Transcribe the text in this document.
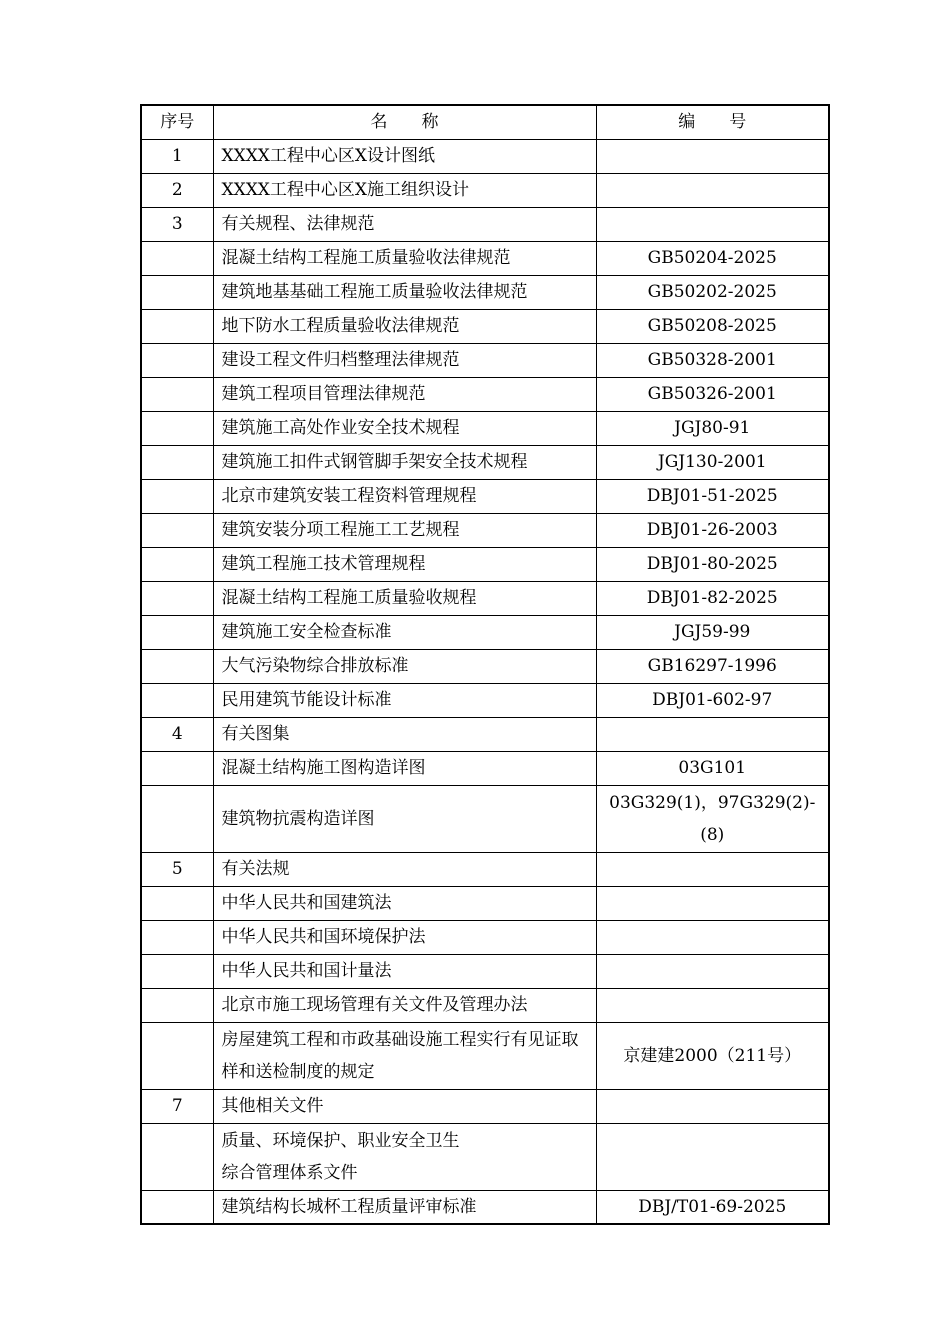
序号	名　　称	编　　号
1	XXXX工程中心区X设计图纸	
2	XXXX工程中心区X施工组织设计	
3	有关规程、法律规范	
	混凝土结构工程施工质量验收法律规范	GB50204-2025
	建筑地基基础工程施工质量验收法律规范	GB50202-2025
	地下防水工程质量验收法律规范	GB50208-2025
	建设工程文件归档整理法律规范	GB50328-2001
	建筑工程项目管理法律规范	GB50326-2001
	建筑施工高处作业安全技术规程	JGJ80-91
	建筑施工扣件式钢管脚手架安全技术规程	JGJ130-2001
	北京市建筑安装工程资料管理规程	DBJ01-51-2025
	建筑安装分项工程施工工艺规程	DBJ01-26-2003
	建筑工程施工技术管理规程	DBJ01-80-2025
	混凝土结构工程施工质量验收规程	DBJ01-82-2025
	建筑施工安全检查标准	JGJ59-99
	大气污染物综合排放标准	GB16297-1996
	民用建筑节能设计标准	DBJ01-602-97
4	有关图集	
	混凝土结构施工图构造详图	03G101
	建筑物抗震构造详图	03G329(1)，97G329(2)-(8)
5	有关法规	
	中华人民共和国建筑法	
	中华人民共和国环境保护法	
	中华人民共和国计量法	
	北京市施工现场管理有关文件及管理办法	
	房屋建筑工程和市政基础设施工程实行有见证取样和送检制度的规定	京建建2000（211号）
7	其他相关文件	
	质量、环境保护、职业安全卫生
综合管理体系文件	
	建筑结构长城杯工程质量评审标准	DBJ/T01-69-2025
